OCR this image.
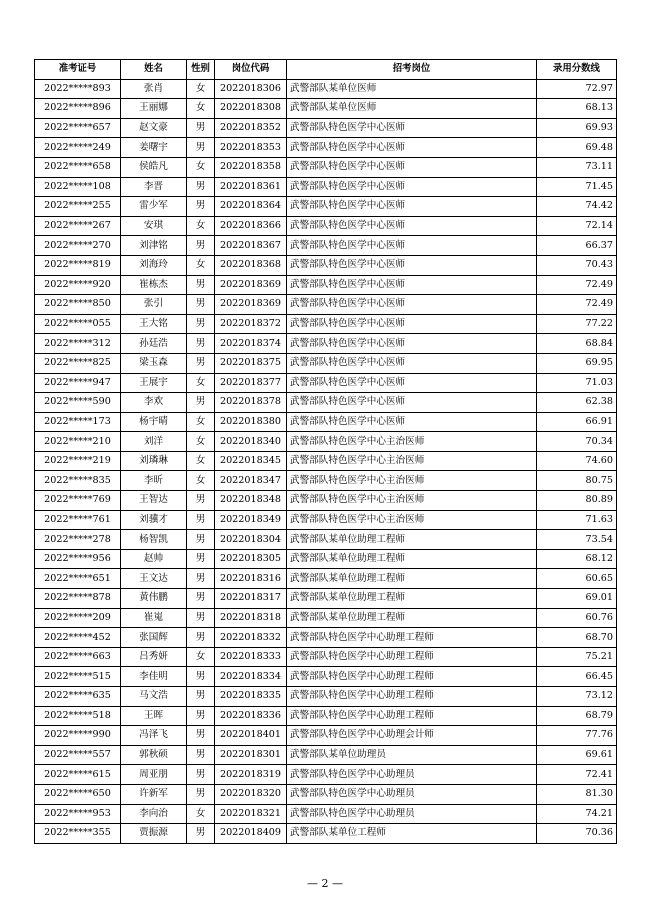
准考证号	姓名	性别	岗位代码	招考岗位	录用分数线
2022*****893	张肖	女	2022018306	武警部队某单位医师	72.97
2022*****896	王丽娜	女	2022018308	武警部队某单位医师	68.13
2022*****657	赵文豪	男	2022018352	武警部队特色医学中心医师	69.93
2022*****249	姜曙宇	男	2022018353	武警部队特色医学中心医师	69.48
2022*****658	侯皓凡	女	2022018358	武警部队特色医学中心医师	73.11
2022*****108	李晋	男	2022018361	武警部队特色医学中心医师	71.45
2022*****255	雷少军	男	2022018364	武警部队特色医学中心医师	74.42
2022*****267	安琪	女	2022018366	武警部队特色医学中心医师	72.14
2022*****270	刘津铭	男	2022018367	武警部队特色医学中心医师	66.37
2022*****819	刘海玲	女	2022018368	武警部队特色医学中心医师	70.43
2022*****920	崔栋杰	男	2022018369	武警部队特色医学中心医师	72.49
2022*****850	张引	男	2022018369	武警部队特色医学中心医师	72.49
2022*****055	王大铭	男	2022018372	武警部队特色医学中心医师	77.22
2022*****312	孙廷浩	男	2022018374	武警部队特色医学中心医师	68.84
2022*****825	梁玉森	男	2022018375	武警部队特色医学中心医师	69.95
2022*****947	王展宇	女	2022018377	武警部队特色医学中心医师	71.03
2022*****590	李欢	男	2022018378	武警部队特色医学中心医师	62.38
2022*****173	杨宇晴	女	2022018380	武警部队特色医学中心医师	66.91
2022*****210	刘洋	女	2022018340	武警部队特色医学中心主治医师	70.34
2022*****219	刘璘琳	女	2022018345	武警部队特色医学中心主治医师	74.60
2022*****835	李昕	女	2022018347	武警部队特色医学中心主治医师	80.75
2022*****769	王智达	男	2022018348	武警部队特色医学中心主治医师	80.89
2022*****761	刘骥才	男	2022018349	武警部队特色医学中心主治医师	71.63
2022*****278	杨智凯	男	2022018304	武警部队某单位助理工程师	73.54
2022*****956	赵帅	男	2022018305	武警部队某单位助理工程师	68.12
2022*****651	王文达	男	2022018316	武警部队某单位助理工程师	60.65
2022*****878	黄伟鹏	男	2022018317	武警部队某单位助理工程师	69.01
2022*****209	崔嵬	男	2022018318	武警部队某单位助理工程师	60.76
2022*****452	张国辉	男	2022018332	武警部队特色医学中心助理工程师	68.70
2022*****663	吕秀妍	女	2022018333	武警部队特色医学中心助理工程师	75.21
2022*****515	李佳明	男	2022018334	武警部队特色医学中心助理工程师	66.45
2022*****635	马文浩	男	2022018335	武警部队特色医学中心助理工程师	73.12
2022*****518	王晖	男	2022018336	武警部队特色医学中心助理工程师	68.79
2022*****990	冯泽飞	男	2022018401	武警部队特色医学中心助理会计师	77.76
2022*****557	郭秋硕	男	2022018301	武警部队某单位助理员	69.61
2022*****615	周亚朋	男	2022018319	武警部队特色医学中心助理员	72.41
2022*****650	许新军	男	2022018320	武警部队特色医学中心助理员	81.30
2022*****953	李向治	女	2022018321	武警部队特色医学中心助理员	74.21
2022*****355	贾振源	男	2022018409	武警部队某单位工程师	70.36
— 2 —
